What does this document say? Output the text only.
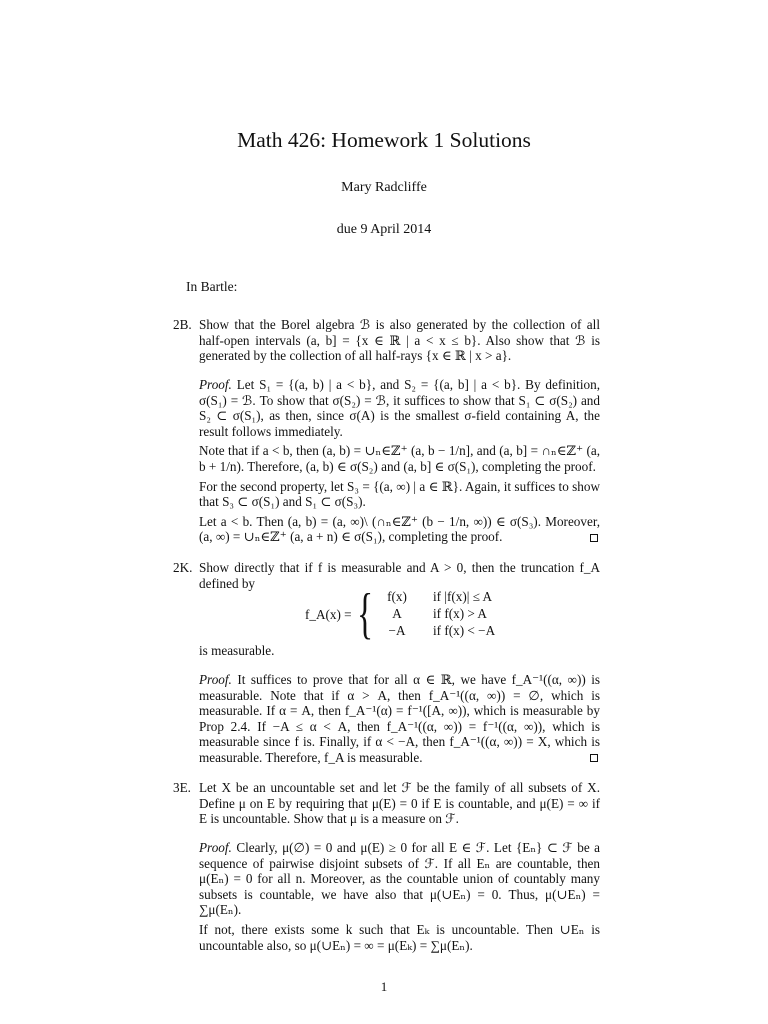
Math 426: Homework 1 Solutions
Mary Radcliffe
due 9 April 2014
In Bartle:
2B. Show that the Borel algebra ℬ is also generated by the collection of all half-open intervals (a, b] = {x ∈ ℝ | a < x ≤ b}. Also show that ℬ is generated by the collection of all half-rays {x ∈ ℝ | x > a}.

Proof. Let S₁ = {(a, b) | a < b}, and S₂ = {(a, b] | a < b}. By definition, σ(S₁) = ℬ. To show that σ(S₂) = ℬ, it suffices to show that S₁ ⊂ σ(S₂) and S₂ ⊂ σ(S₁), as then, since σ(A) is the smallest σ-field containing A, the result follows immediately.

Note that if a < b, then (a, b) = ∪ₙ∈ℤ⁺ (a, b − 1/n], and (a, b] = ∩ₙ∈ℤ⁺ (a, b + 1/n). Therefore, (a, b) ∈ σ(S₂) and (a, b] ∈ σ(S₁), completing the proof.

For the second property, let S₃ = {(a, ∞) | a ∈ ℝ}. Again, it suffices to show that S₃ ⊂ σ(S₁) and S₁ ⊂ σ(S₃).

Let a < b. Then (a, b) = (a, ∞)\ (∩ₙ∈ℤ⁺ (b − 1/n, ∞)) ∈ σ(S₃). Moreover, (a, ∞) = ∪ₙ∈ℤ⁺ (a, a + n) ∈ σ(S₁), completing the proof.

2K. Show directly that if f is measurable and A > 0, then the truncation f_A defined by

f_A(x) = {	f(x)	if |f(x)| ≤ A
A	if f(x) > A
−A	if f(x) < −A
is measurable.

Proof. It suffices to prove that for all α ∈ ℝ, we have f_A⁻¹((α, ∞)) is measurable. Note that if α > A, then f_A⁻¹((α, ∞)) = ∅, which is measurable. If α = A, then f_A⁻¹(α) = f⁻¹([A, ∞)), which is measurable by Prop 2.4. If −A ≤ α < A, then f_A⁻¹((α, ∞)) = f⁻¹((α, ∞)), which is measurable since f is. Finally, if α < −A, then f_A⁻¹((α, ∞)) = X, which is measurable. Therefore, f_A is measurable.

3E. Let X be an uncountable set and let ℱ be the family of all subsets of X. Define μ on E by requiring that μ(E) = 0 if E is countable, and μ(E) = ∞ if E is uncountable. Show that μ is a measure on ℱ.

Proof. Clearly, μ(∅) = 0 and μ(E) ≥ 0 for all E ∈ ℱ. Let {Eₙ} ⊂ ℱ be a sequence of pairwise disjoint subsets of ℱ. If all Eₙ are countable, then μ(Eₙ) = 0 for all n. Moreover, as the countable union of countably many subsets is countable, we have also that μ(∪Eₙ) = 0. Thus, μ(∪Eₙ) = ∑μ(Eₙ).

If not, there exists some k such that Eₖ is uncountable. Then ∪Eₙ is uncountable also, so μ(∪Eₙ) = ∞ = μ(Eₖ) = ∑μ(Eₙ).

1
